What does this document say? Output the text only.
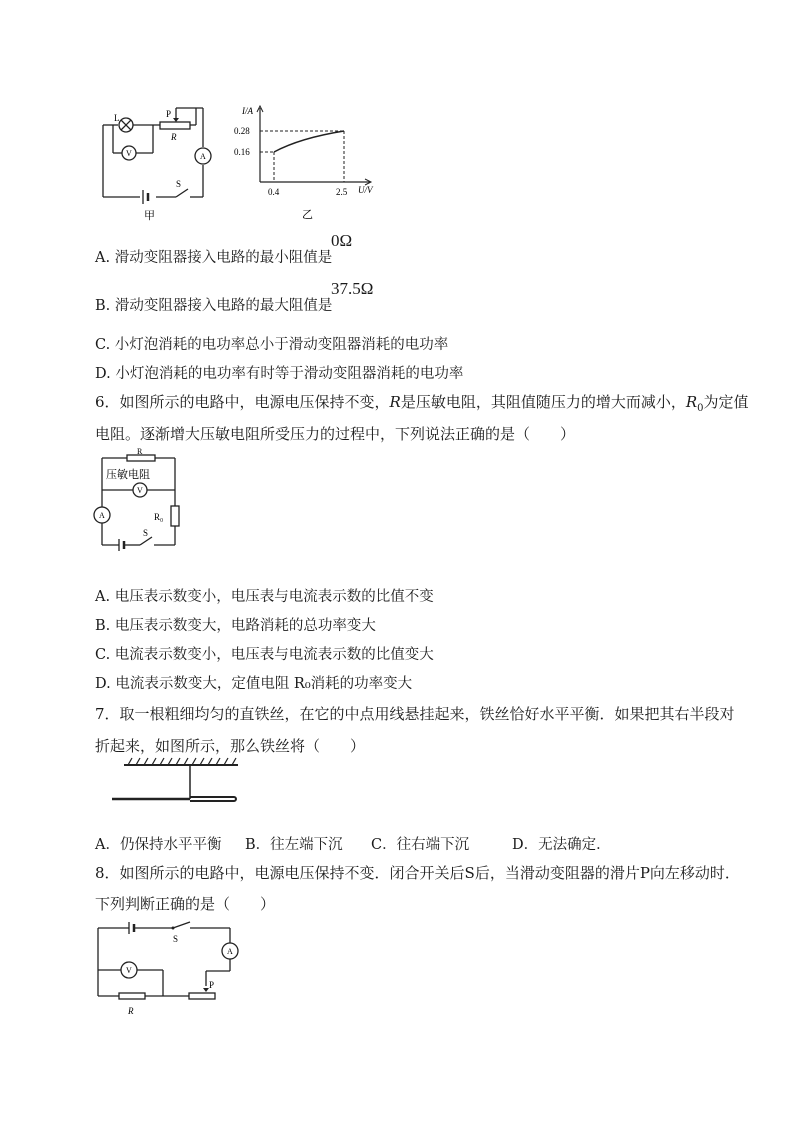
L	P
R
V	A
S
甲
I/A
0.28
0.16
0.4	2.5 U/V
乙
A. 滑动变阻器接入电路的最小阻值是
0Ω
B. 滑动变阻器接入电路的最大阻值是
37.5Ω
C. 小灯泡消耗的电功率总小于滑动变阻器消耗的电功率
D. 小灯泡消耗的电功率有时等于滑动变阻器消耗的电功率
6．如图所示的电路中，电源电压保持不变，R是压敏电阻，其阻值随压力的增大而减小，$R_0$为定值
电阻。逐渐增大压敏电阻所受压力的过程中，下列说法正确的是（　　）
R
压敏电阻
V
A
S
R₀
A. 电压表示数变小，电压表与电流表示数的比值不变
B. 电压表示数变大，电路消耗的总功率变大
C. 电流表示数变小，电压表与电流表示数的比值变大
D. 电流表示数变大，定值电阻 R₀消耗的功率变大
7．取一根粗细均匀的直铁丝，在它的中点用线悬挂起来，铁丝恰好水平平衡．如果把其右半段对
折起来，如图所示，那么铁丝将（　　）
A．仍保持水平平衡 B．往左端下沉 C．往右端下沉	D．无法确定．
8．如图所示的电路中，电源电压保持不变．闭合开关后S后，当滑动变阻器的滑片P向左移动时．
下列判断正确的是（　　）
S
A
V
P
R
